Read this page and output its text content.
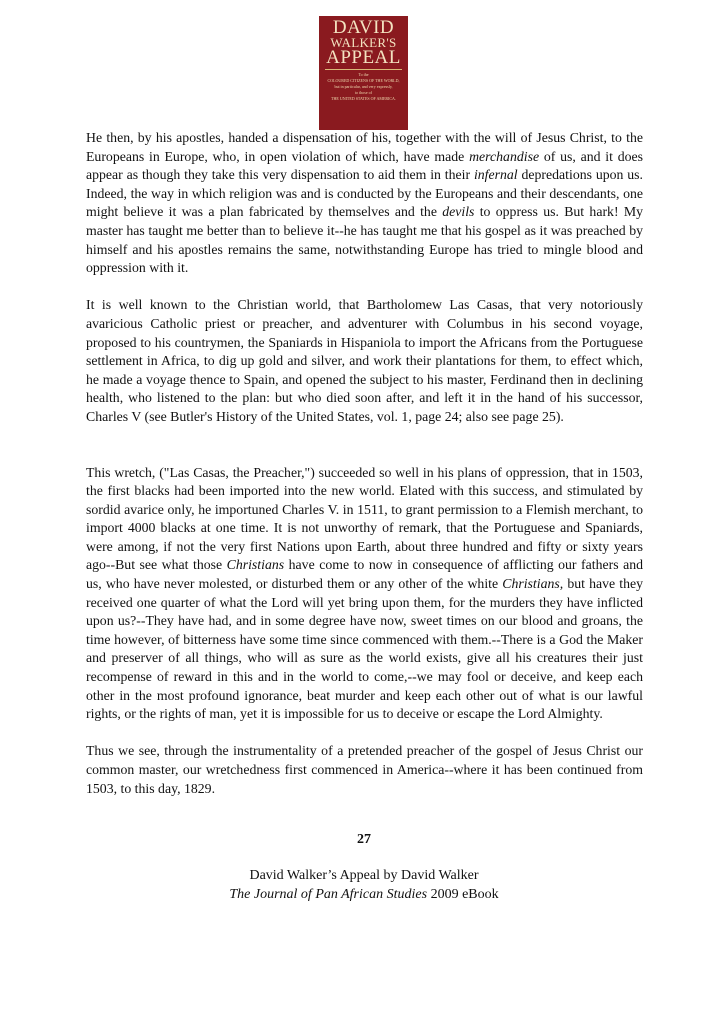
DAVID
WALKER'S
APPEAL
To the
COLOURED CITIZENS OF THE WORLD,
but in particular, and very expressly,
to those of
THE UNITED STATES OF AMERICA.

He then, by his apostles, handed a dispensation of his, together with the will of Jesus Christ, to the Europeans in Europe, who, in open violation of which, have made merchandise of us, and it does appear as though they take this very dispensation to aid them in their infernal depredations upon us. Indeed, the way in which religion was and is conducted by the Europeans and their descendants, one might believe it was a plan fabricated by themselves and the devils to oppress us. But hark! My master has taught me better than to believe it--he has taught me that his gospel as it was preached by himself and his apostles remains the same, notwithstanding Europe has tried to mingle blood and oppression with it.

It is well known to the Christian world, that Bartholomew Las Casas, that very notoriously avaricious Catholic priest or preacher, and adventurer with Columbus in his second voyage, proposed to his countrymen, the Spaniards in Hispaniola to import the Africans from the Portuguese settlement in Africa, to dig up gold and silver, and work their plantations for them, to effect which, he made a voyage thence to Spain, and opened the subject to his master, Ferdinand then in declining health, who listened to the plan: but who died soon after, and left it in the hand of his successor, Charles V (see Butler's History of the United States, vol. 1, page 24; also see page 25).

This wretch, ("Las Casas, the Preacher,") succeeded so well in his plans of oppression, that in 1503, the first blacks had been imported into the new world. Elated with this success, and stimulated by sordid avarice only, he importuned Charles V. in 1511, to grant permission to a Flemish merchant, to import 4000 blacks at one time. It is not unworthy of remark, that the Portuguese and Spaniards, were among, if not the very first Nations upon Earth, about three hundred and fifty or sixty years ago--But see what those Christians have come to now in consequence of afflicting our fathers and us, who have never molested, or disturbed them or any other of the white Christians, but have they received one quarter of what the Lord will yet bring upon them, for the murders they have inflicted upon us?--They have had, and in some degree have now, sweet times on our blood and groans, the time however, of bitterness have some time since commenced with them.--There is a God the Maker and preserver of all things, who will as sure as the world exists, give all his creatures their just recompense of reward in this and in the world to come,--we may fool or deceive, and keep each other in the most profound ignorance, beat murder and keep each other out of what is our lawful rights, or the rights of man, yet it is impossible for us to deceive or escape the Lord Almighty.

Thus we see, through the instrumentality of a pretended preacher of the gospel of Jesus Christ our common master, our wretchedness first commenced in America--where it has been continued from 1503, to this day, 1829.

27
David Walker’s Appeal by David Walker
The Journal of Pan African Studies 2009 eBook
